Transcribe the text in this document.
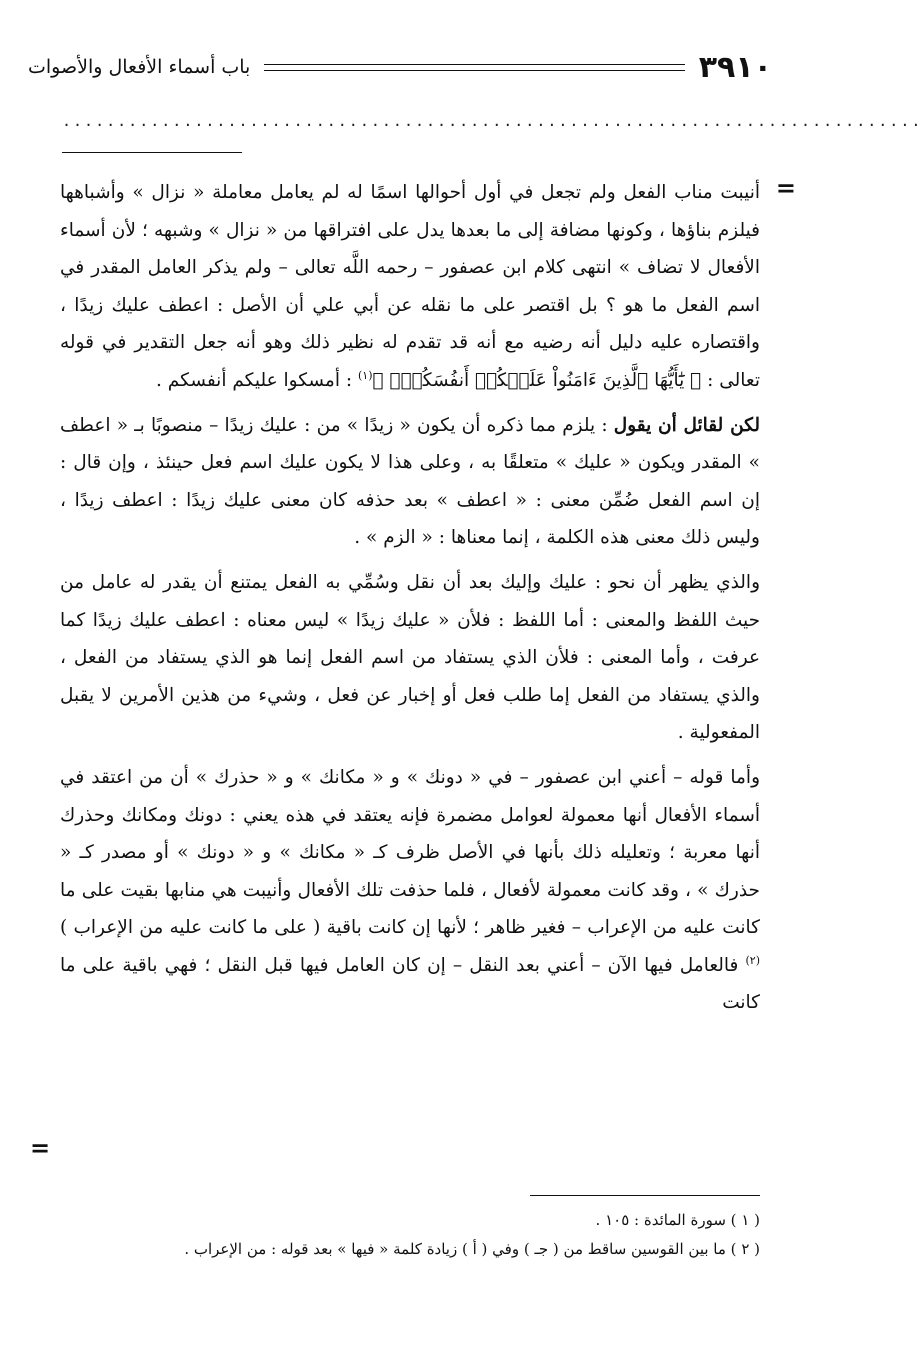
٣٩١٠
باب أسماء الأفعال والأصوات
..............................................................................
=

أنيبت مناب الفعل ولم تجعل في أول أحوالها اسمًا له لم يعامل معاملة « نزال » وأشباهها فيلزم بناؤها ، وكونها مضافة إلى ما بعدها يدل على افتراقها من « نزال » وشبهه ؛ لأن أسماء الأفعال لا تضاف » انتهى كلام ابن عصفور – رحمه اللَّه تعالى – ولم يذكر العامل المقدر في اسم الفعل ما هو ؟ بل اقتصر على ما نقله عن أبي علي أن الأصل : اعطف عليك زيدًا ، واقتصاره عليه دليل أنه رضيه مع أنه قد تقدم له نظير ذلك وهو أنه جعل التقدير في قوله تعالى : ﴿ يَٰٓأَيُّهَا ٱلَّذِينَ ءَامَنُواْ عَلَيۡكُمۡ أَنفُسَكُمۡۖ ﴾$^{(١)}$ : أمسكوا عليكم أنفسكم .

لكن لقائل أن يقول : يلزم مما ذكره أن يكون « زيدًا » من : عليك زيدًا – منصوبًا بـ « اعطف » المقدر ويكون « عليك » متعلقًا به ، وعلى هذا لا يكون عليك اسم فعل حينئذ ، وإن قال : إن اسم الفعل ضُمِّن معنى : « اعطف » بعد حذفه كان معنى عليك زيدًا : اعطف زيدًا ، وليس ذلك معنى هذه الكلمة ، إنما معناها : « الزم » .

والذي يظهر أن نحو : عليك وإليك بعد أن نقل وسُمِّي به الفعل يمتنع أن يقدر له عامل من حيث اللفظ والمعنى : أما اللفظ : فلأن « عليك زيدًا » ليس معناه : اعطف عليك زيدًا كما عرفت ، وأما المعنى : فلأن الذي يستفاد من اسم الفعل إنما هو الذي يستفاد من الفعل ، والذي يستفاد من الفعل إما طلب فعل أو إخبار عن فعل ، وشيء من هذين الأمرين لا يقبل المفعولية .

وأما قوله – أعني ابن عصفور – في « دونك » و « مكانك » و « حذرك » أن من اعتقد في أسماء الأفعال أنها معمولة لعوامل مضمرة فإنه يعتقد في هذه يعني : دونك ومكانك وحذرك أنها معربة ؛ وتعليله ذلك بأنها في الأصل ظرف كـ « مكانك » و « دونك » أو مصدر كـ « حذرك » ، وقد كانت معمولة لأفعال ، فلما حذفت تلك الأفعال وأنيبت هي منابها بقيت على ما كانت عليه من الإعراب – فغير ظاهر ؛ لأنها إن كانت باقية ( على ما كانت عليه من الإعراب )$^{(٢)}$ فالعامل فيها الآن – أعني بعد النقل – إن كان العامل فيها قبل النقل ؛ فهي باقية على ما كانت

=

( ١ ) سورة المائدة : ١٠٥ .

( ٢ ) ما بين القوسين ساقط من ( جـ ) وفي ( أ ) زيادة كلمة « فيها » بعد قوله : من الإعراب .
